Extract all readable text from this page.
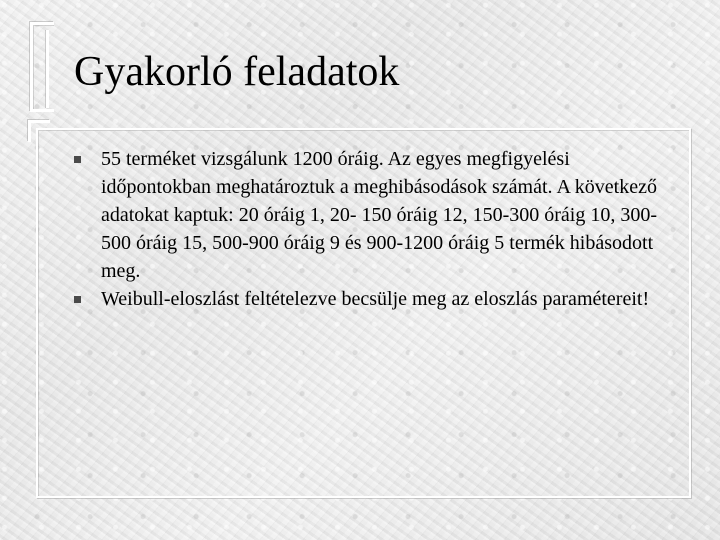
Gyakorló feladatok
55 terméket vizsgálunk 1200 óráig. Az egyes megfigyelési időpontokban meghatároztuk a meghibásodások számát. A következő adatokat kaptuk: 20 óráig 1, 20- 150 óráig 12, 150-300 óráig 10, 300-500 óráig 15, 500-900 óráig 9 és 900-1200 óráig 5 termék hibásodott meg.
Weibull-eloszlást feltételezve becsülje meg az eloszlás paramétereit!
